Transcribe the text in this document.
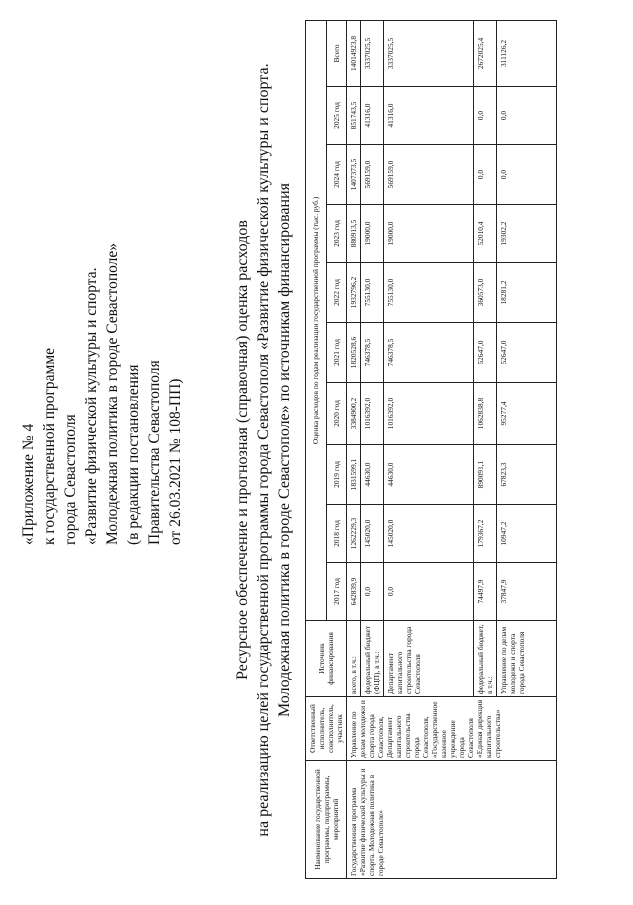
«Приложение № 4 к государственной программе города Севастополя «Развитие физической культуры и спорта. Молодежная политика в городе Севастополе» (в редакции постановления Правительства Севастополя от 26.03.2021 № 108-ПП)	Ресурсное обеспечение и прогнозная (справочная) оценка расходов на реализацию целей государственной программы города Севастополя «Развитие физической культуры и спорта. Молодежная политика в городе Севастополе» по источникам финансирования
Наименование государственной программы, подпрограммы, мероприятий	Ответственный исполнитель, соисполнитель, участник	Источник финансирования	Оценка расходов по годам реализации государственной программы (тыс. руб.)									
			2017 год	2018 год	2019 год	2020 год	2021 год	2022 год	2023 год	2024 год	2025 год	Всего
Государственная программа «Развитие физической культуры и спорта. Молодежная политика в городе Севастополе»	Управление по делам молодежи и спорта города Севастополя, Департамент капитального строительства города Севастополя, «Государственное казенное учреждение города Севастополя «Единая дирекция капитального строительства»	всего, в т.ч.:	642839,9	1262229,3	1831599,1	3384900,2	1820528,6	1932796,2	880913,5	1407373,5	851743,5	14014923,8
		федеральный бюджет (ФЦП), в т.ч.:	0,0	145020,0	44630,0	1016392,0	746378,5	755130,0	19000,0	569159,0	41316,0	3337025,5
		Департамент капитального строительства города Севастополя	0,0	145020,0	44630,0	1016392,0	746378,5	755130,0	19000,0	569159,0	41316,0	3337025,5
		федеральный бюджет, в т.ч.:	74497,9	179367,2	890091,1	1062838,8	52647,0	360573,0	52010,4	0,0	0,0	2672025,4
		Управление по делам молодежи и спорта города Севастополя	37847,9	10947,2	67823,3	95277,4	52647,0	18281,2	19302,2	0,0	0,0	311126,2
